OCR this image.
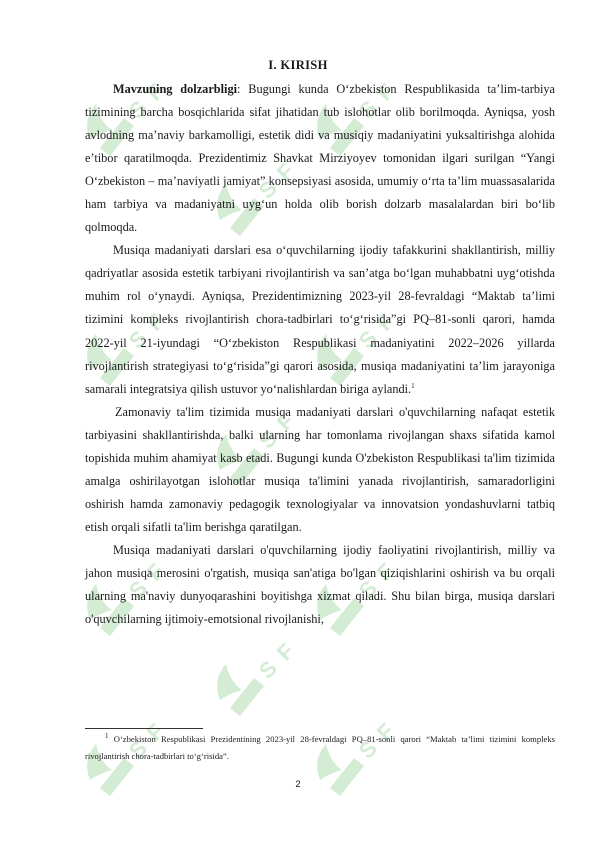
S
F
I. KIRISH

Mavzuning dolzarbligi: Bugungi kunda O‘zbekiston Respublikasida ta’lim-tarbiya tizimining barcha bosqichlarida sifat jihatidan tub islohotlar olib borilmoqda. Ayniqsa, yosh avlodning ma’naviy barkamolligi, estetik didi va musiqiy madaniyatini yuksaltirishga alohida e’tibor qaratilmoqda. Prezidentimiz Shavkat Mirziyoyev tomonidan ilgari surilgan “Yangi O‘zbekiston – ma’naviyatli jamiyat” konsepsiyasi asosida, umumiy o‘rta ta’lim muassasalarida ham tarbiya va madaniyatni uyg‘un holda olib borish dolzarb masalalardan biri bo‘lib qolmoqda.

Musiqa madaniyati darslari esa o‘quvchilarning ijodiy tafakkurini shakllantirish, milliy qadriyatlar asosida estetik tarbiyani rivojlantirish va san’atga bo‘lgan muhabbatni uyg‘otishda muhim rol o‘ynaydi. Ayniqsa, Prezidentimizning 2023-yil 28-fevraldagi “Maktab ta’limi tizimini kompleks rivojlantirish chora-tadbirlari to‘g‘risida”gi PQ–81-sonli qarori, hamda 2022-yil 21-iyundagi “O‘zbekiston Respublikasi madaniyatini 2022–2026 yillarda rivojlantirish strategiyasi to‘g‘risida”gi qarori asosida, musiqa madaniyatini ta’lim jarayoniga samarali integratsiya qilish ustuvor yo‘nalishlardan biriga aylandi.$^1$

Zamonaviy ta'lim tizimida musiqa madaniyati darslari o'quvchilarning nafaqat estetik tarbiyasini shakllantirishda, balki ularning har tomonlama rivojlangan shaxs sifatida kamol topishida muhim ahamiyat kasb etadi. Bugungi kunda O'zbekiston Respublikasi ta'lim tizimida amalga oshirilayotgan islohotlar musiqa ta'limini yanada rivojlantirish, samaradorligini oshirish hamda zamonaviy pedagogik texnologiyalar va innovatsion yondashuvlarni tatbiq etish orqali sifatli ta'lim berishga qaratilgan.

Musiqa madaniyati darslari o'quvchilarning ijodiy faoliyatini rivojlantirish, milliy va jahon musiqa merosini o'rgatish, musiqa san'atiga bo'lgan qiziqishlarini oshirish va bu orqali ularning ma'naviy dunyoqarashini boyitishga xizmat qiladi. Shu bilan birga, musiqa darslari o'quvchilarning ijtimoiy-emotsional rivojlanishi,

$^1$ O‘zbekiston Respublikasi Prezidentining 2023-yil 28-fevraldagi PQ–81-sonli qarori “Maktab ta’limi tizimini kompleks rivojlantirish chora-tadbirlari to‘g‘risida”.
2
